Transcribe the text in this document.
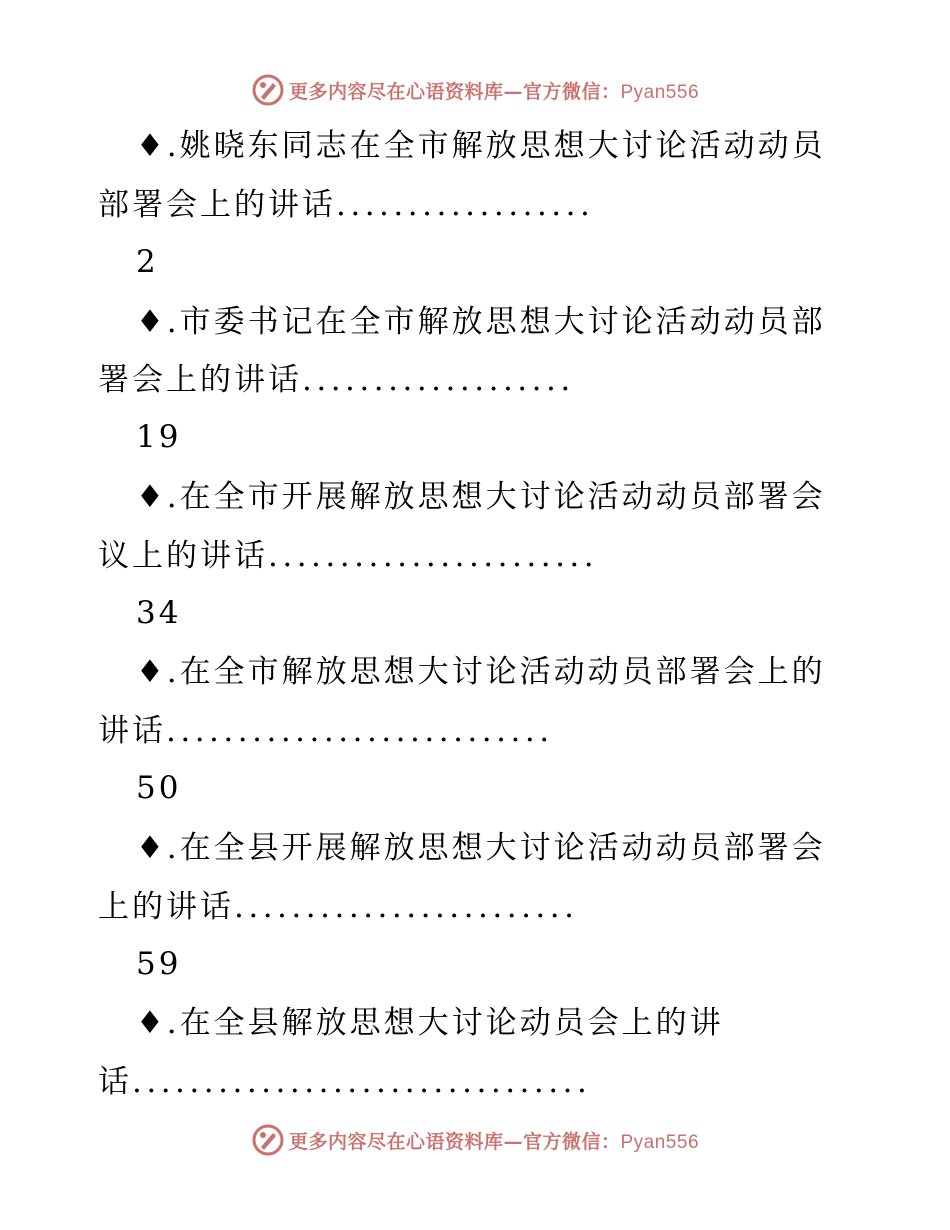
更多内容尽在心语资料库—官方微信：Pyan556
♦.姚晓东同志在全市解放思想大讨论活动动员
部署会上的讲话..................
2
♦.市委书记在全市解放思想大讨论活动动员部
署会上的讲话...................
19
♦.在全市开展解放思想大讨论活动动员部署会
议上的讲话.......................
34
♦.在全市解放思想大讨论活动动员部署会上的
讲话...........................
50
♦.在全县开展解放思想大讨论活动动员部署会
上的讲话........................
59
♦.在全县解放思想大讨论动员会上的讲
话................................
更多内容尽在心语资料库—官方微信：Pyan556
